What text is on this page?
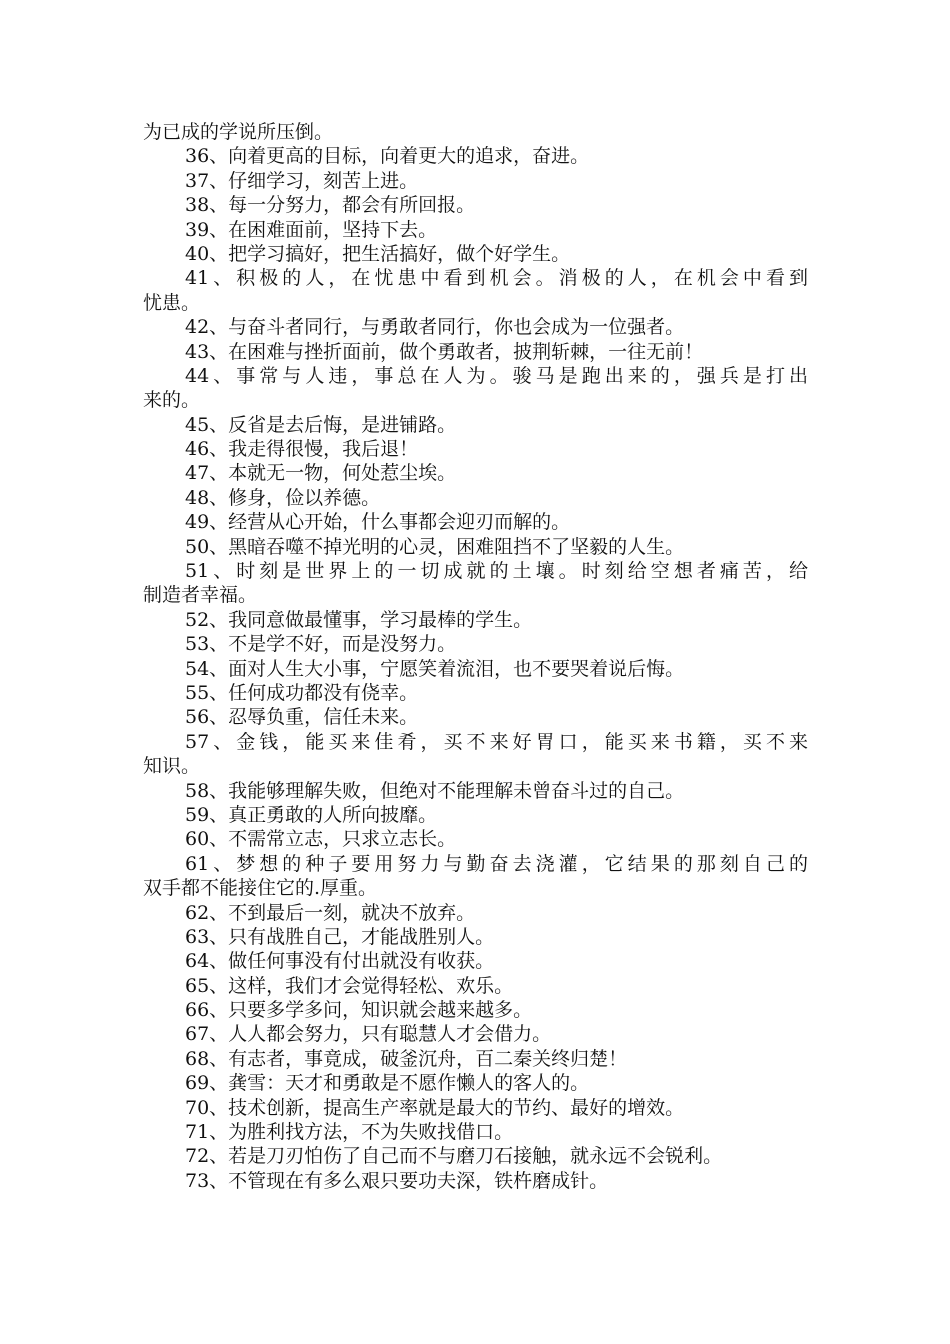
为已成的学说所压倒。
36、向着更高的目标，向着更大的追求，奋进。
37、仔细学习，刻苦上进。
38、每一分努力，都会有所回报。
39、在困难面前，坚持下去。
40、把学习搞好，把生活搞好，做个好学生。
41、积极的人，在忧患中看到机会。消极的人，在机会中看到
忧患。
42、与奋斗者同行，与勇敢者同行，你也会成为一位强者。
43、在困难与挫折面前，做个勇敢者，披荆斩棘，一往无前！
44、事常与人违，事总在人为。骏马是跑出来的，强兵是打出
来的。
45、反省是去后悔，是进铺路。
46、我走得很慢，我后退！
47、本就无一物，何处惹尘埃。
48、修身，俭以养德。
49、经营从心开始，什么事都会迎刃而解的。
50、黑暗吞噬不掉光明的心灵，困难阻挡不了坚毅的人生。
51、时刻是世界上的一切成就的土壤。时刻给空想者痛苦，给
制造者幸福。
52、我同意做最懂事，学习最棒的学生。
53、不是学不好，而是没努力。
54、面对人生大小事，宁愿笑着流泪，也不要哭着说后悔。
55、任何成功都没有侥幸。
56、忍辱负重，信任未来。
57、金钱，能买来佳肴，买不来好胃口，能买来书籍，买不来
知识。
58、我能够理解失败，但绝对不能理解未曾奋斗过的自己。
59、真正勇敢的人所向披靡。
60、不需常立志，只求立志长。
61、梦想的种子要用努力与勤奋去浇灌，它结果的那刻自己的
双手都不能接住它的.厚重。
62、不到最后一刻，就决不放弃。
63、只有战胜自己，才能战胜别人。
64、做任何事没有付出就没有收获。
65、这样，我们才会觉得轻松、欢乐。
66、只要多学多问，知识就会越来越多。
67、人人都会努力，只有聪慧人才会借力。
68、有志者，事竟成，破釜沉舟，百二秦关终归楚！
69、龚雪：天才和勇敢是不愿作懒人的客人的。
70、技术创新，提高生产率就是最大的节约、最好的增效。
71、为胜利找方法，不为失败找借口。
72、若是刀刃怕伤了自己而不与磨刀石接触，就永远不会锐利。
73、不管现在有多么艰只要功夫深，铁杵磨成针。
